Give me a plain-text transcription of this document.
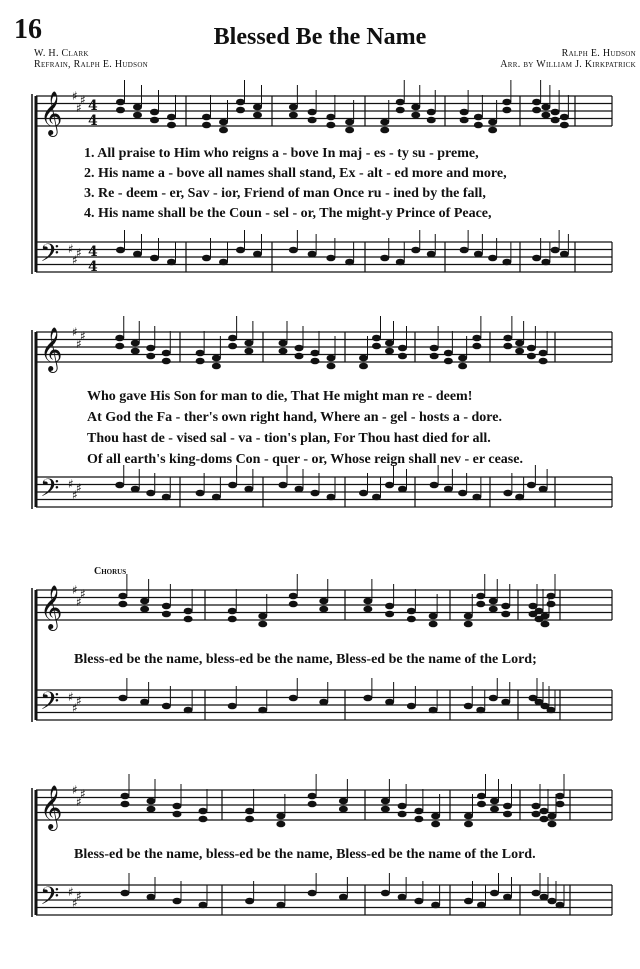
16	Blessed Be the Name
W. H. Clark
Refrain, Ralph E. Hudson
Ralph E. Hudson
Arr. by William J. Kirkpatrick
𝄞
𝄢
♯
♯
♯
♯
♯
♯
4
4
4
4
𝄞
𝄢
♯
♯
♯
♯
♯
♯
𝄞
𝄢
♯
♯
♯
♯
♯
♯
𝄞
𝄢
♯
♯
♯
♯
♯
♯
1. All praise to Him who reigns a - bove In maj - es - ty su - preme,
2. His name a - bove all names shall stand, Ex - alt - ed more and more,
3. Re - deem - er, Sav - ior, Friend of man Once ru - ined by the fall,
4. His name shall be the Coun - sel - or, The might-y Prince of Peace,
Who gave His Son for man to die, That He might man re - deem!
At God the Fa - ther's own right hand, Where an - gel - hosts a - dore.
Thou hast de - vised sal - va - tion's plan, For Thou hast died for all.
Of all earth's king-doms Con - quer - or, Whose reign shall nev - er cease.
Chorus
Bless-ed be the name, bless-ed be the name, Bless-ed be the name of the Lord;
Bless-ed be the name, bless-ed be the name, Bless-ed be the name of the Lord.
